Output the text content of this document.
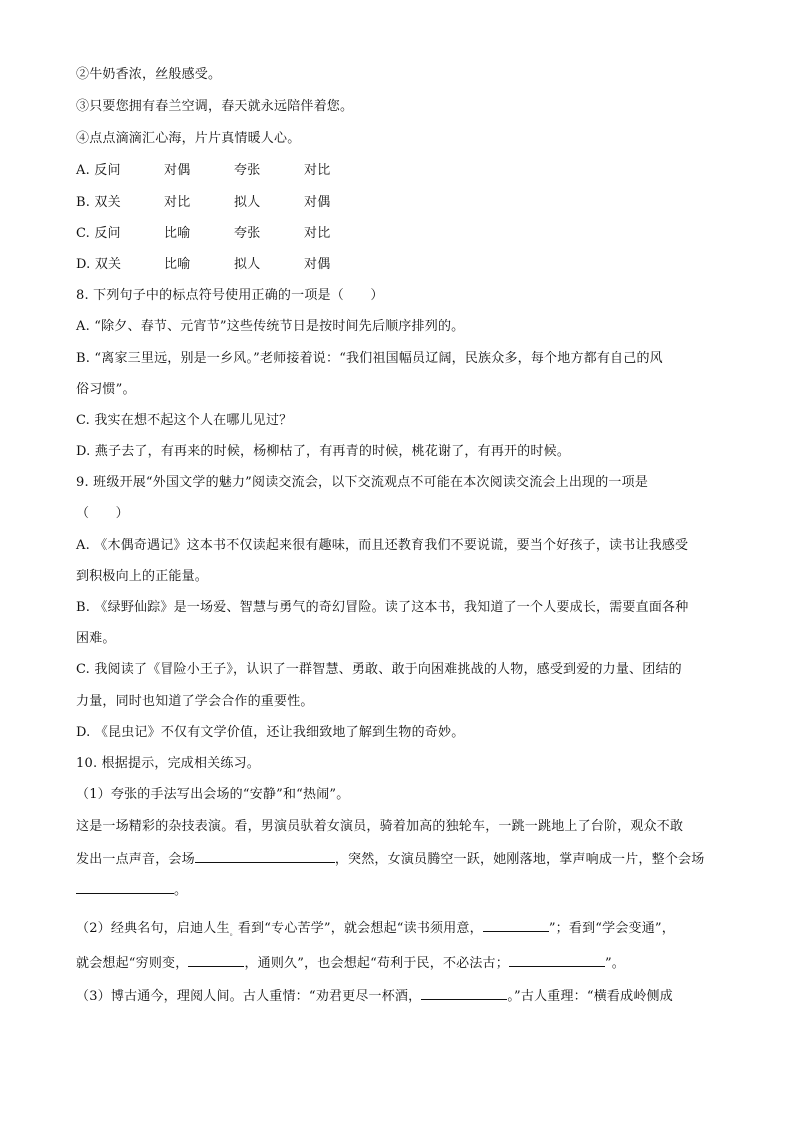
②牛奶香浓，丝般感受。
③只要您拥有春兰空调，春天就永远陪伴着您。
④点点滴滴汇心海，片片真情暖人心。
A. 反问	对偶	夸张	对比
B. 双关	对比	拟人	对偶
C. 反问	比喻	夸张	对比
D. 双关	比喻	拟人	对偶
8. 下列句子中的标点符号使用正确的一项是（　　）
A. “除夕、春节、元宵节”这些传统节日是按时间先后顺序排列的。
B. “离家三里远，别是一乡风。”老师接着说：“我们祖国幅员辽阔，民族众多，每个地方都有自己的风
俗习惯”。
C. 我实在想不起这个人在哪儿见过？
D. 燕子去了，有再来的时候，杨柳枯了，有再青的时候，桃花谢了，有再开的时候。
9. 班级开展“外国文学的魅力”阅读交流会，以下交流观点不可能在本次阅读交流会上出现的一项是
（　　）
A. 《木偶奇遇记》这本书不仅读起来很有趣味，而且还教育我们不要说谎，要当个好孩子，读书让我感受
到积极向上的正能量。
B. 《绿野仙踪》是一场爱、智慧与勇气的奇幻冒险。读了这本书，我知道了一个人要成长，需要直面各种
困难。
C. 我阅读了《冒险小王子》，认识了一群智慧、勇敢、敢于向困难挑战的人物，感受到爱的力量、团结的
力量，同时也知道了学会合作的重要性。
D. 《昆虫记》不仅有文学价值，还让我细致地了解到生物的奇妙。
10. 根据提示，完成相关练习。
（1）夸张的手法写出会场的“安静”和“热闹”。
这是一场精彩的杂技表演。看，男演员驮着女演员，骑着加高的独轮车，一跳一跳地上了台阶，观众不敢
发出一点声音，会场	，突然，女演员腾空一跃，她刚落地，掌声响成一片，整个会场
。
（2）经典名句，启迪人生$_。$看到“专心苦学”，就会想起“读书须用意，	”；看到“学会变通”，
就会想起“穷则变，	，通则久”，也会想起“苟利于民，不必法古；	”。
（3）博古通今，理阅人间。古人重情：“劝君更尽一杯酒，	。”古人重理：“横看成岭侧成
